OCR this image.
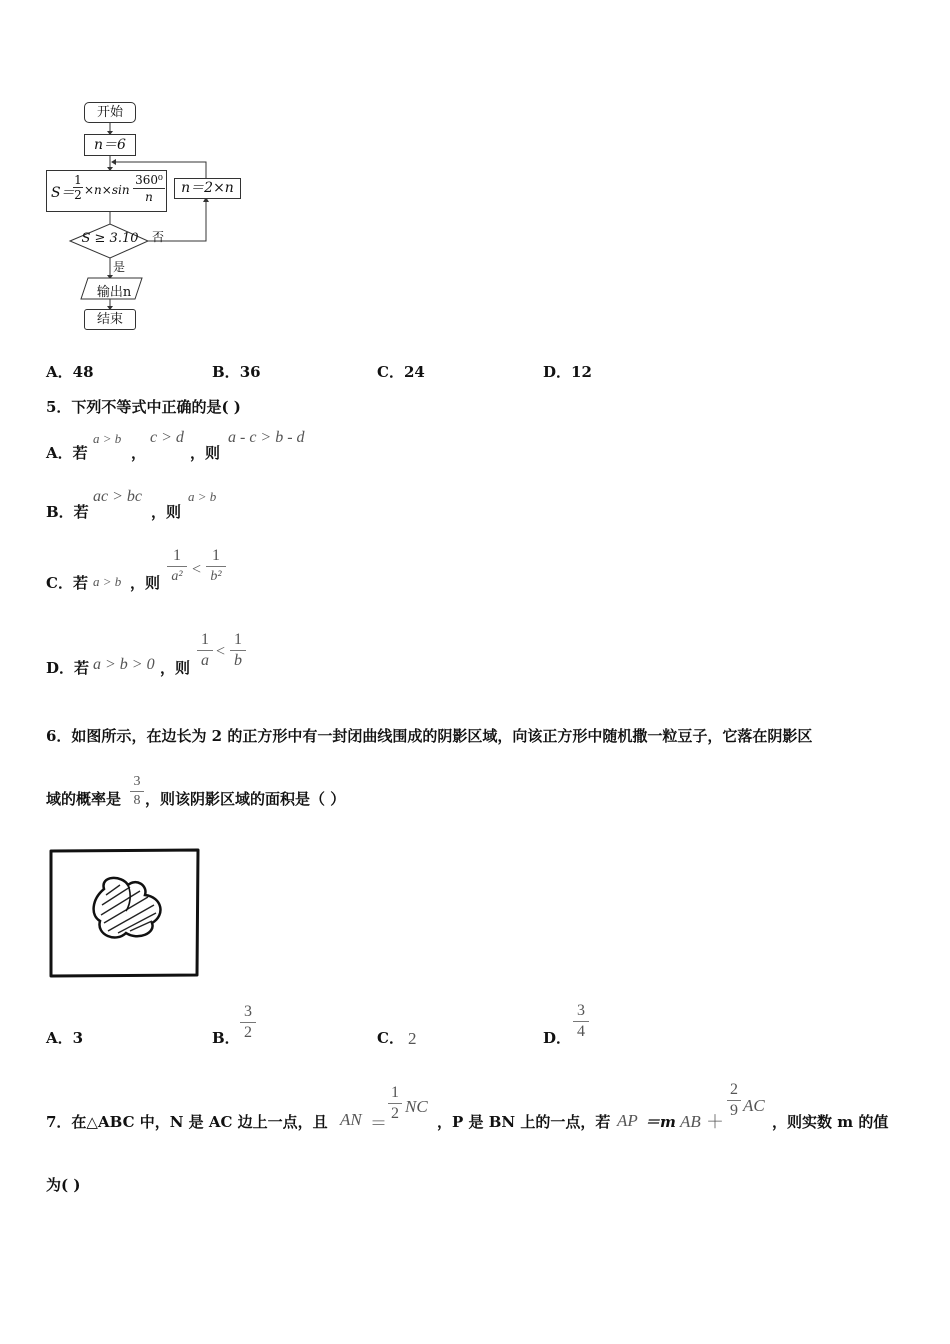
开始
n＝6
S＝
$\frac{1}{2} \times n\times\sin \frac{\text{360⁰}}{n}$	n＝2×n
S ≥ 3.10 否
是
输出n
结束
A．48	B．36	C．24	D．12
5．下列不等式中正确的是( )
A．若
a > b
，
c > d
，则
a - c > b - d
B．若
ac > bc
，则
a > b
C．若 a > b ，则
1
a² <
1
b²
D．若 a > b > 0 ，则
1
a
<
1
b
6．如图所示，在边长为 2 的正方形中有一封闭曲线围成的阴影区域，向该正方形中随机撒一粒豆子，它落在阴影区
域的概率是
3
8 ，则该阴影区域的面积是（ ）
A．3	B．
3
2	C． 2	D．
3
4
7．在△ABC 中，N 是 AC 边上一点，且 AN ＝
1
2 NC
，P 是 BN 上的一点，若 AP ＝m AB ＋
2
9 AC
，则实数 m 的值
为( )
